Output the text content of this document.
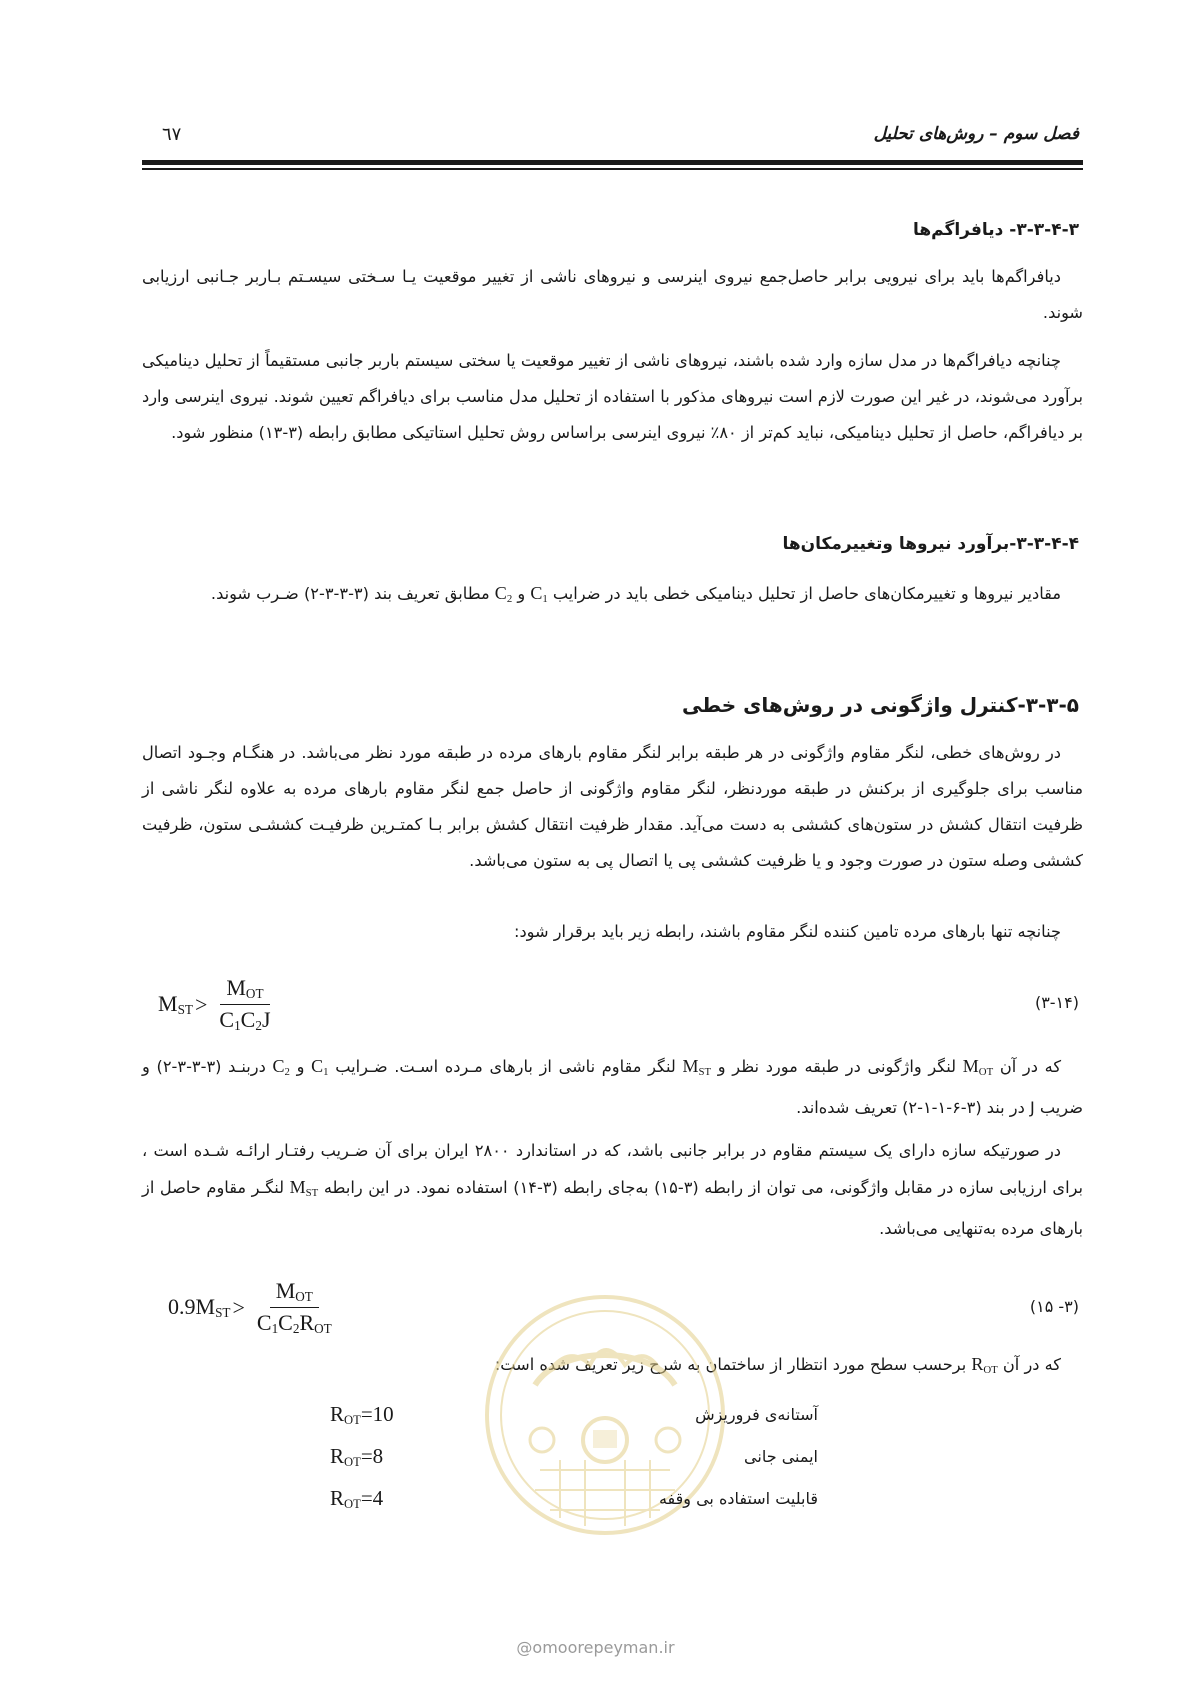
فصل سوم – روش‌های تحلیل
٦٧
۳-۳-۴-۳- دیافراگم‌ها

دیافراگم‌ها باید برای نیرویی برابر حاصل‌جمع نیروی اینرسی و نیروهای ناشی از تغییر موقعیت یـا سـختی سیسـتم بـاربر جـانبی ارزیابی شوند.

چنانچه دیافراگم‌ها در مدل سازه وارد شده باشند، نیروهای ناشی از تغییر موقعیت یا سختی سیستم باربر جانبی مستقیماً از تحلیل دینامیکی برآورد می‌شوند، در غیر این صورت لازم است نیروهای مذکور با استفاده از تحلیل مدل مناسب برای دیافراگم تعیین شوند. نیروی اینرسی وارد بر دیافراگم، حاصل از تحلیل دینامیکی، نباید کم‌تر از ۸۰٪ نیروی اینرسی براساس روش تحلیل استاتیکی مطابق رابطه (۳-۱۳) منظور شود.

۳-۳-۴-۴-برآورد نیروها وتغییرمکان‌ها

مقادیر نیروها و تغییرمکان‌های حاصل از تحلیل دینامیکی خطی باید در ضرایب $C_1$ و $C_2$ مطابق تعریف بند (۳-۳-۳-۲) ضـرب شوند.

۳-۳-۵-کنترل واژگونی در روش‌های خطی

در روش‌های خطی، لنگر مقاوم واژگونی در هر طبقه برابر لنگر مقاوم بارهای مرده در طبقه مورد نظر می‌باشد. در هنگـام وجـود اتصال مناسب برای جلوگیری از برکنش در طبقه موردنظر، لنگر مقاوم واژگونی از حاصل جمع لنگر مقاوم بارهای مرده به علاوه لنگر ناشی از ظرفیت انتقال کشش در ستون‌های کششی به دست می‌آید. مقدار ظرفیت انتقال کشش برابر بـا کمتـرین ظرفیـت کششـی ستون، ظرفیت کششی وصله ستون در صورت وجود و یا ظرفیت کششی پی یا اتصال پی به ستون می‌باشد.

چنانچه تنها بارهای مرده تامین کننده لنگر مقاوم باشند، رابطه زیر باید برقرار شود:

$M_{ST} > \frac{M_{OT}}{C_1C_2J}$	(۳-۱۴)

که در آن $M_{OT}$ لنگر واژگونی در طبقه مورد نظر و $M_{ST}$ لنگر مقاوم ناشی از بارهای مـرده اسـت. ضـرایب $C_1$ و $C_2$ دربنـد (۳-۳-۳-۲) و ضریب J در بند (۳-۶-۱-۱-۲) تعریف شده‌اند.

در صورتیکه سازه دارای یک سیستم مقاوم در برابر جانبی باشد، که در استاندارد ۲۸۰۰ ایران برای آن ضـریب رفتـار ارائـه شـده است ، برای ارزیابی سازه در مقابل واژگونی، می توان از رابطه (۳-۱۵) به‌جای رابطه (۳-۱۴) استفاده نمود. در این رابطه $M_{ST}$ لنگـر مقاوم حاصل از بارهای مرده به‌تنهایی می‌باشد.

$0.9M_{ST} > \frac{M_{OT}}{C_1C_2R_{OT}}$	(۳- ۱۵)

که در آن $R_{OT}$ برحسب سطح مورد انتظار از ساختمان به شرح زیر تعریف شده است:

آستانه‌ی فروریزش
$R_{OT}=10$
ایمنی جانی
$R_{OT}=8$
قابلیت استفاده بی وقفه
$R_{OT}=4$
@omoorepeyman.ir
